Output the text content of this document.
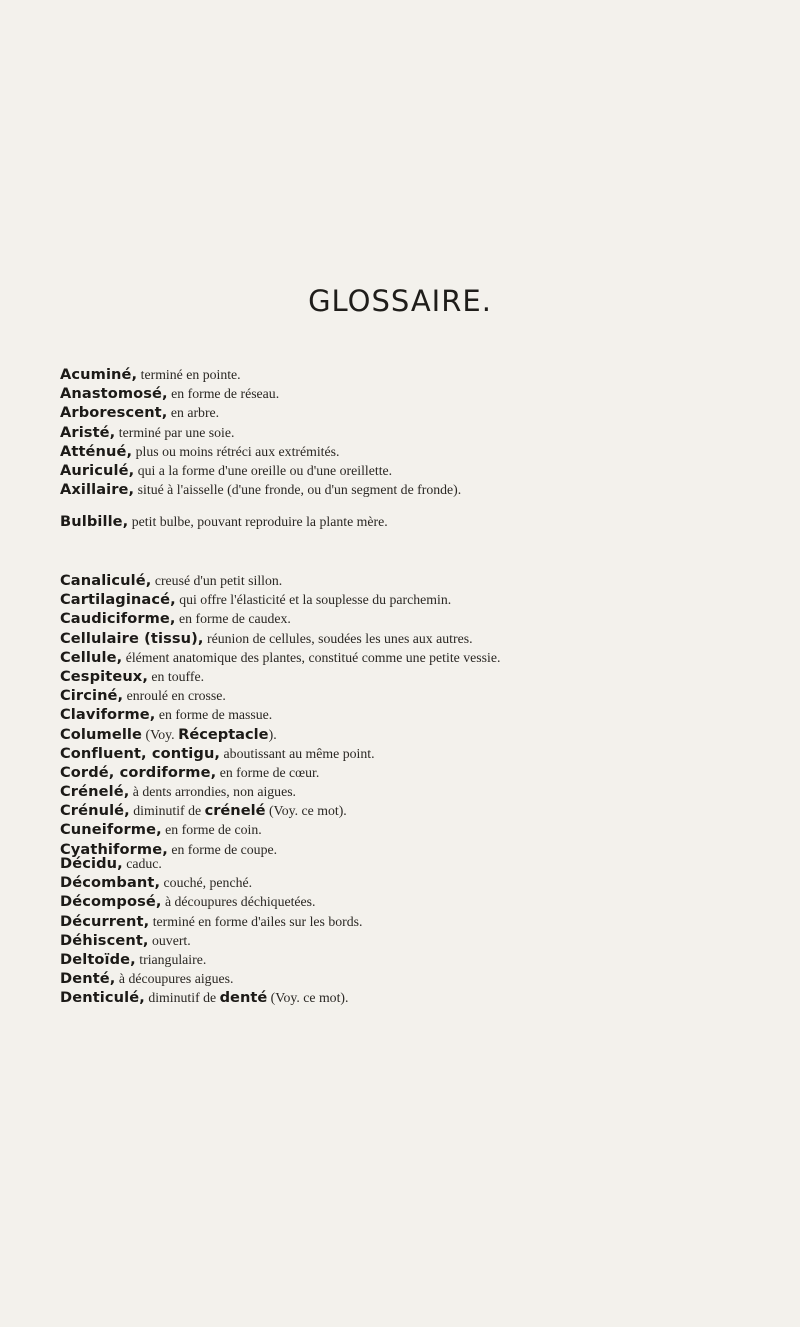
GLOSSAIRE.
Acuminé, terminé en pointe.
Anastomosé, en forme de réseau.
Arborescent, en arbre.
Aristé, terminé par une soie.
Atténué, plus ou moins rétréci aux extrémités.
Auriculé, qui a la forme d'une oreille ou d'une oreillette.
Axillaire, situé à l'aisselle (d'une fronde, ou d'un segment de fronde).
Bulbille, petit bulbe, pouvant reproduire la plante mère.
Canaliculé, creusé d'un petit sillon.
Cartilaginacé, qui offre l'élasticité et la souplesse du parchemin.
Caudiciforme, en forme de caudex.
Cellulaire (tissu), réunion de cellules, soudées les unes aux autres.
Cellule, élément anatomique des plantes, constitué comme une petite vessie.
Cespiteux, en touffe.
Circiné, enroulé en crosse.
Claviforme, en forme de massue.
Columelle (Voy. Réceptacle).
Confluent, contigu, aboutissant au même point.
Cordé, cordiforme, en forme de cœur.
Crénelé, à dents arrondies, non aigues.
Crénulé, diminutif de crénelé (Voy. ce mot).
Cuneiforme, en forme de coin.
Cyathiforme, en forme de coupe.
Décidu, caduc.
Décombant, couché, penché.
Décomposé, à découpures déchiquetées.
Décurrent, terminé en forme d'ailes sur les bords.
Déhiscent, ouvert.
Deltoïde, triangulaire.
Denté, à découpures aigues.
Denticulé, diminutif de denté (Voy. ce mot).
